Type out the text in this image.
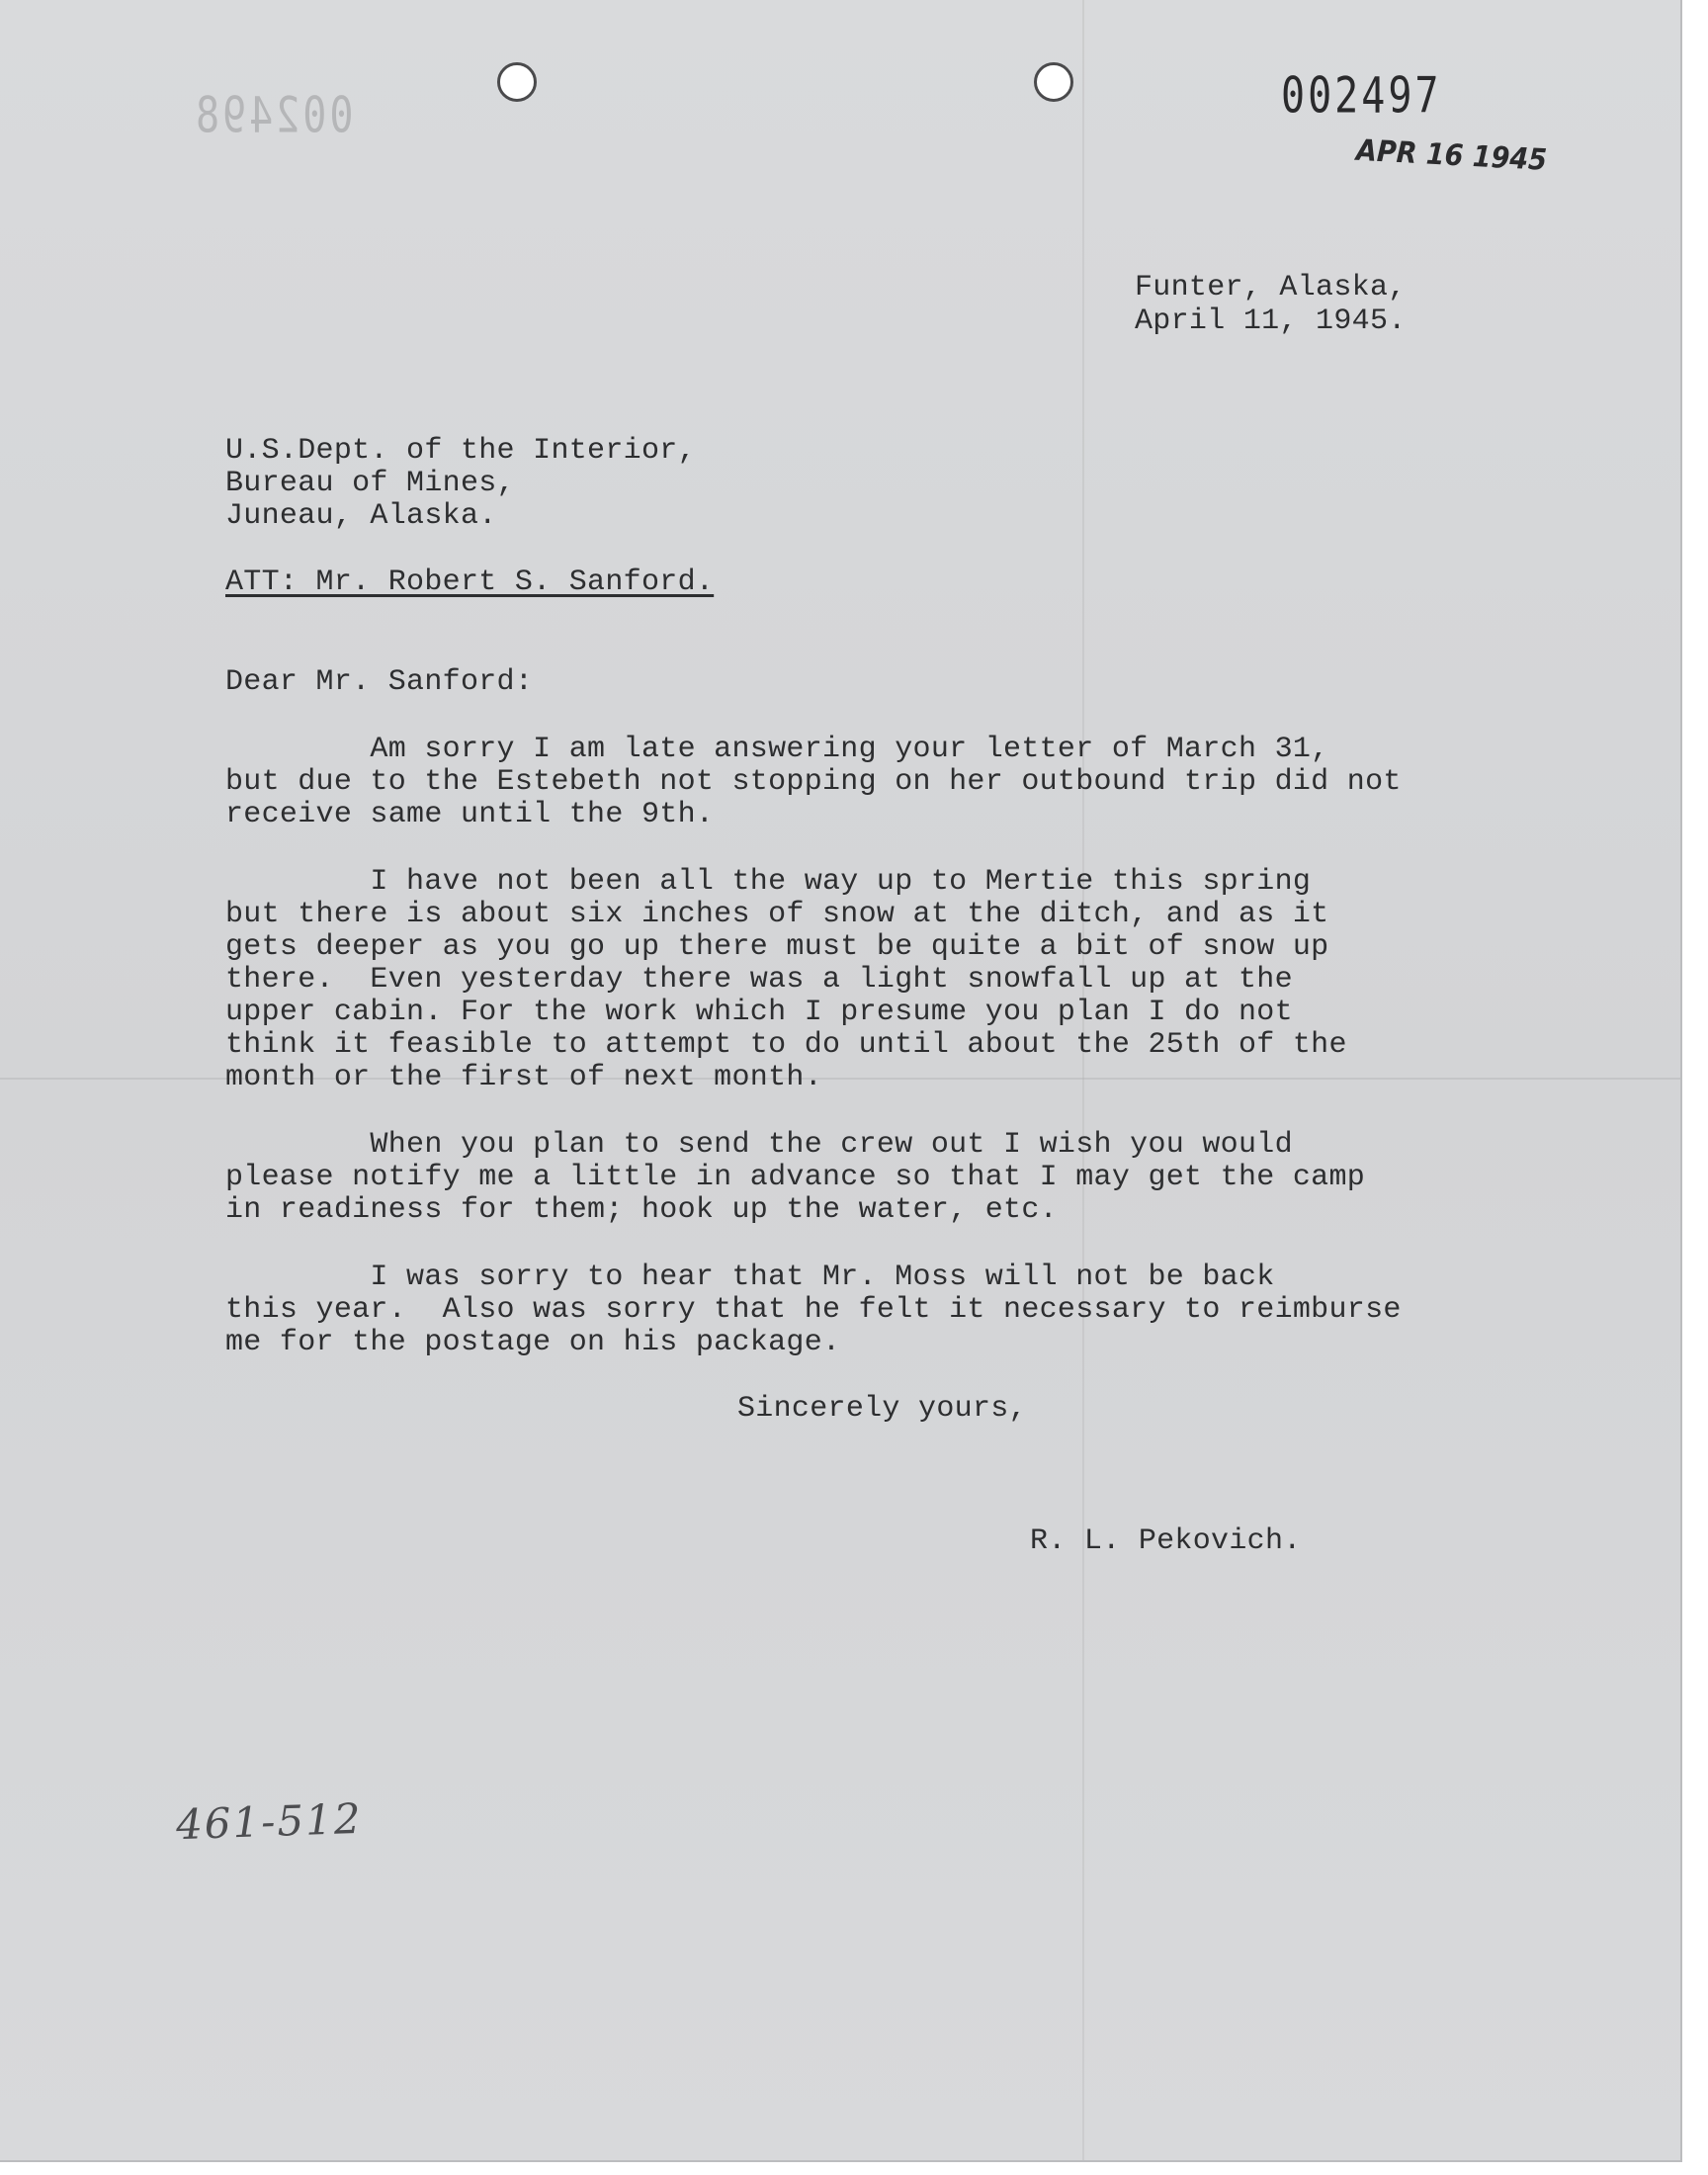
002498	002497
APR 16 1945
Funter, Alaska,
April 11, 1945.
U.S.Dept. of the Interior,
Bureau of Mines,
Juneau, Alaska.
ATT: Mr. Robert S. Sanford.
Dear Mr. Sanford:
Am sorry I am late answering your letter of March 31,
but due to the Estebeth not stopping on her outbound trip did not
receive same until the 9th.
I have not been all the way up to Mertie this spring
but there is about six inches of snow at the ditch, and as it
gets deeper as you go up there must be quite a bit of snow up
there.  Even yesterday there was a light snowfall up at the
upper cabin. For the work which I presume you plan I do not
think it feasible to attempt to do until about the 25th of the
month or the first of next month.
When you plan to send the crew out I wish you would
please notify me a little in advance so that I may get the camp
in readiness for them; hook up the water, etc.
I was sorry to hear that Mr. Moss will not be back
this year.  Also was sorry that he felt it necessary to reimburse
me for the postage on his package.
Sincerely yours,
R. L. Pekovich.
461-512
